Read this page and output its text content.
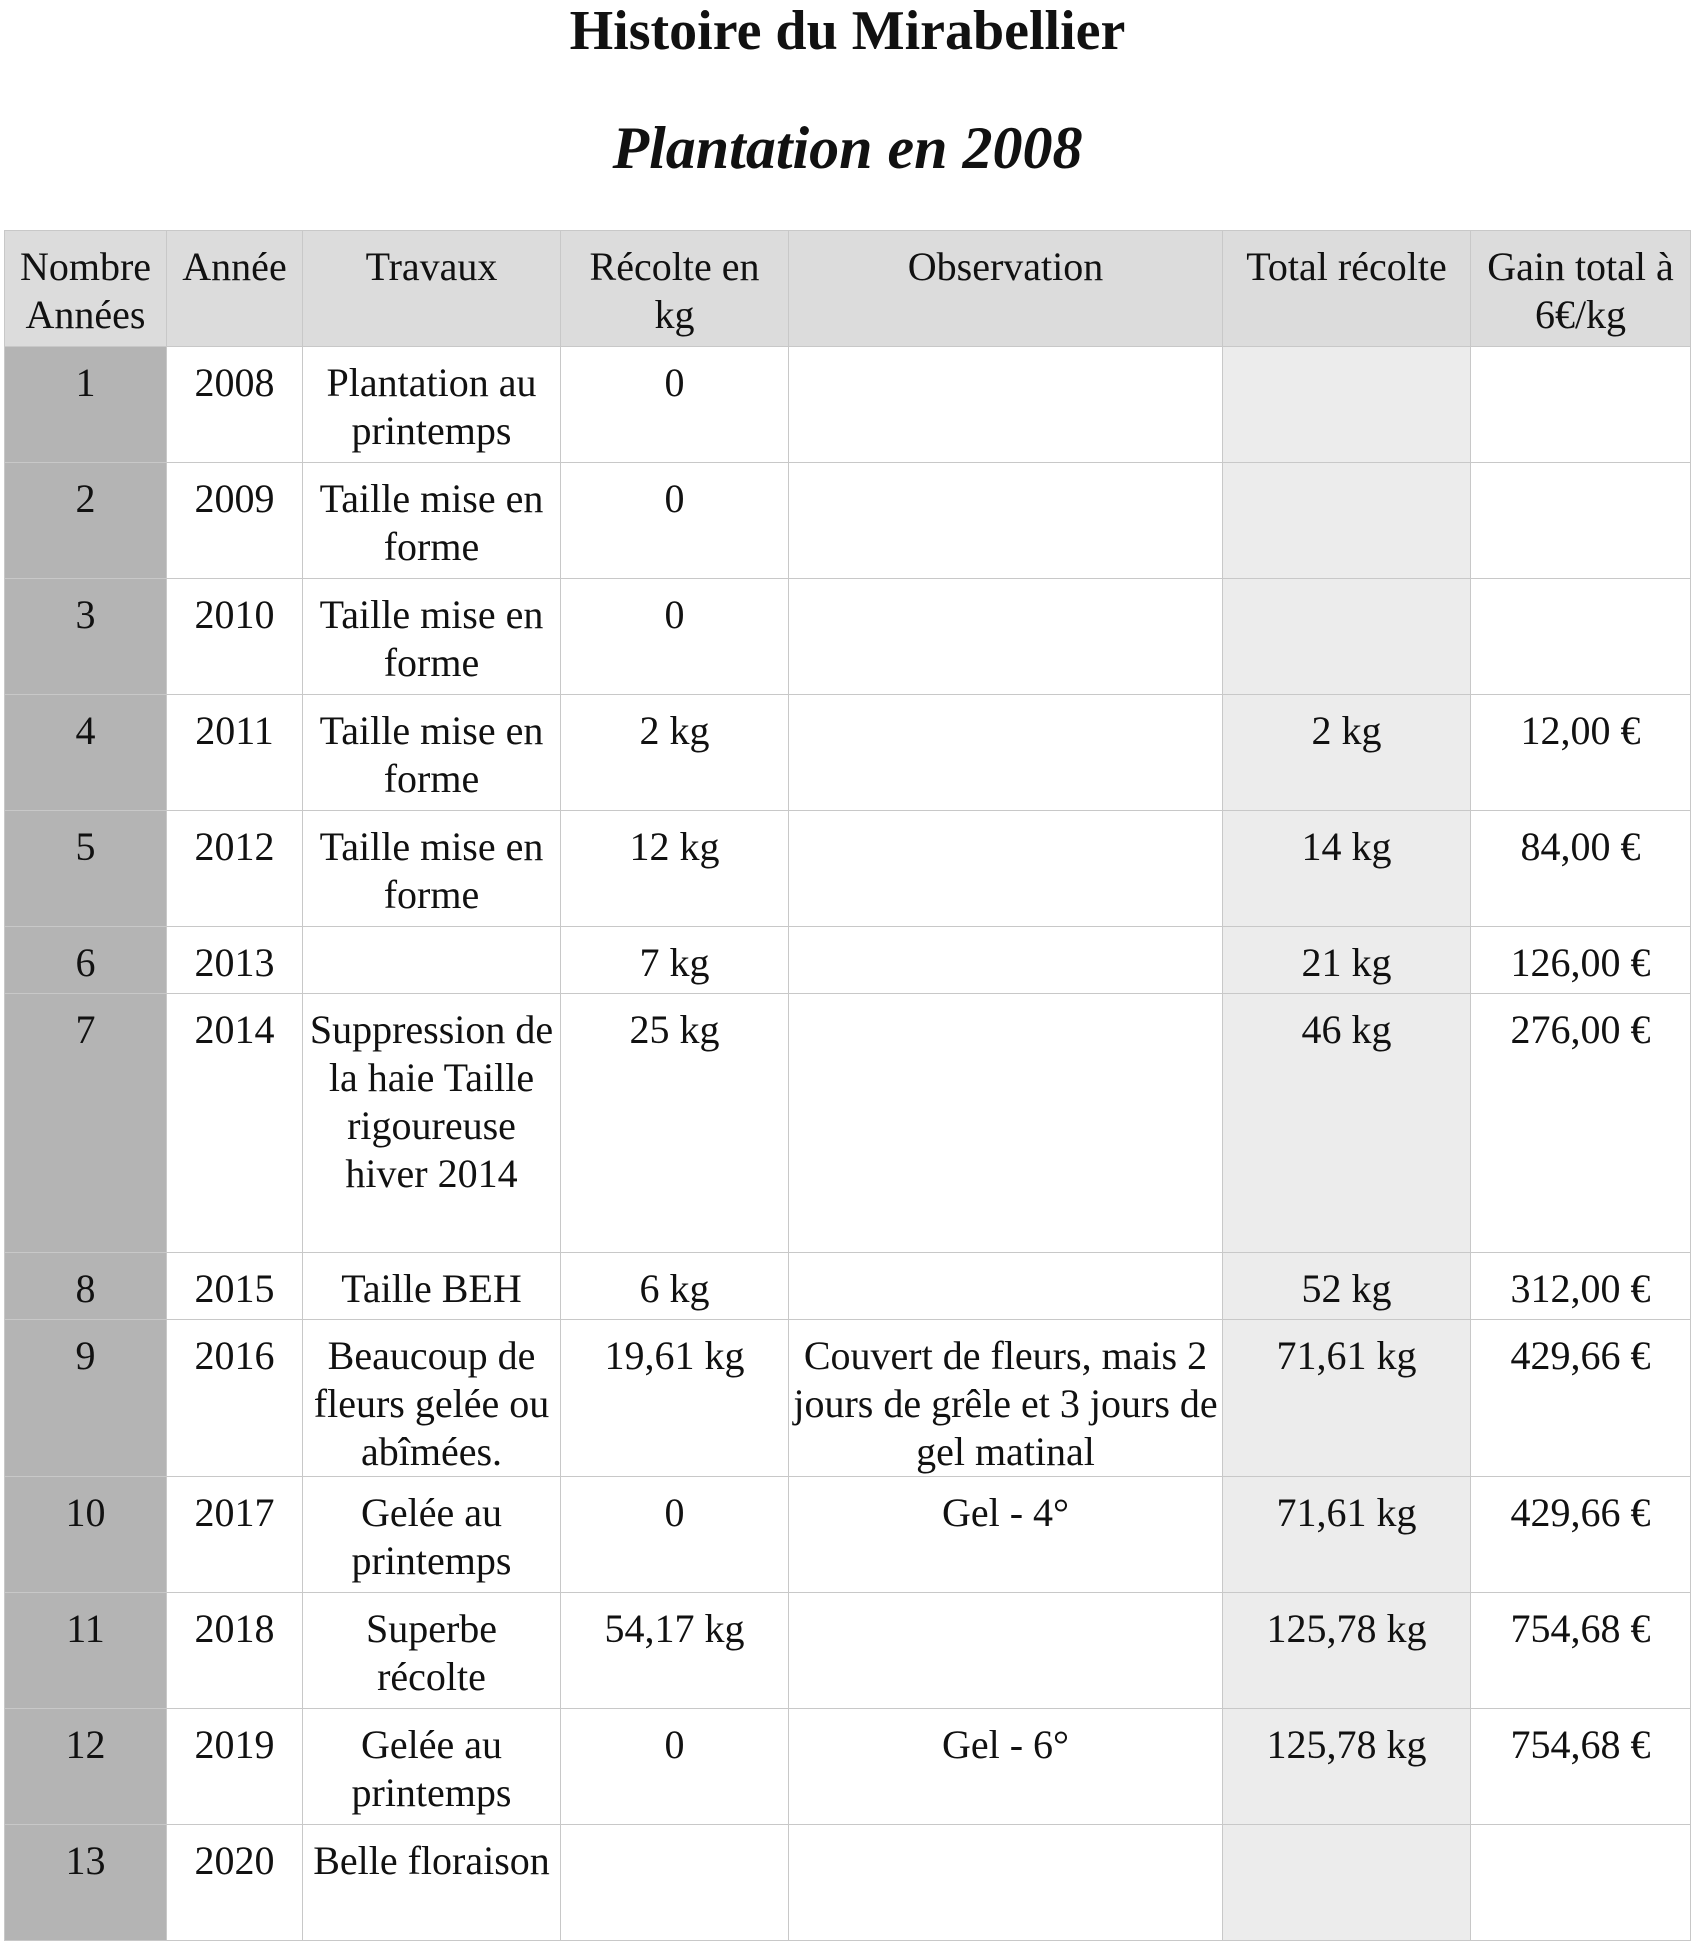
Histoire du Mirabellier
Plantation en 2008
Nombre Années	Année	Travaux	Récolte en kg	Observation	Total récolte	Gain total à 6€/kg
1	2008	Plantation au printemps	0			
2	2009	Taille mise en forme	0			
3	2010	Taille mise en forme	0			
4	2011	Taille mise en forme	2 kg		2 kg	12,00 €
5	2012	Taille mise en forme	12 kg		14 kg	84,00 €
6	2013		7 kg		21 kg	126,00 €
7	2014	Suppression de la haie Taille rigoureuse hiver 2014	25 kg		46 kg	276,00 €
8	2015	Taille BEH	6 kg		52 kg	312,00 €
9	2016	Beaucoup de fleurs gelée ou abîmées.	19,61 kg	Couvert de fleurs, mais 2 jours de grêle et 3 jours de gel matinal	71,61 kg	429,66 €
10	2017	Gelée au printemps	0	Gel - 4°	71,61 kg	429,66 €
11	2018	Superbe récolte	54,17 kg		125,78 kg	754,68 €
12	2019	Gelée au printemps	0	Gel - 6°	125,78 kg	754,68 €
13	2020	Belle floraison				
